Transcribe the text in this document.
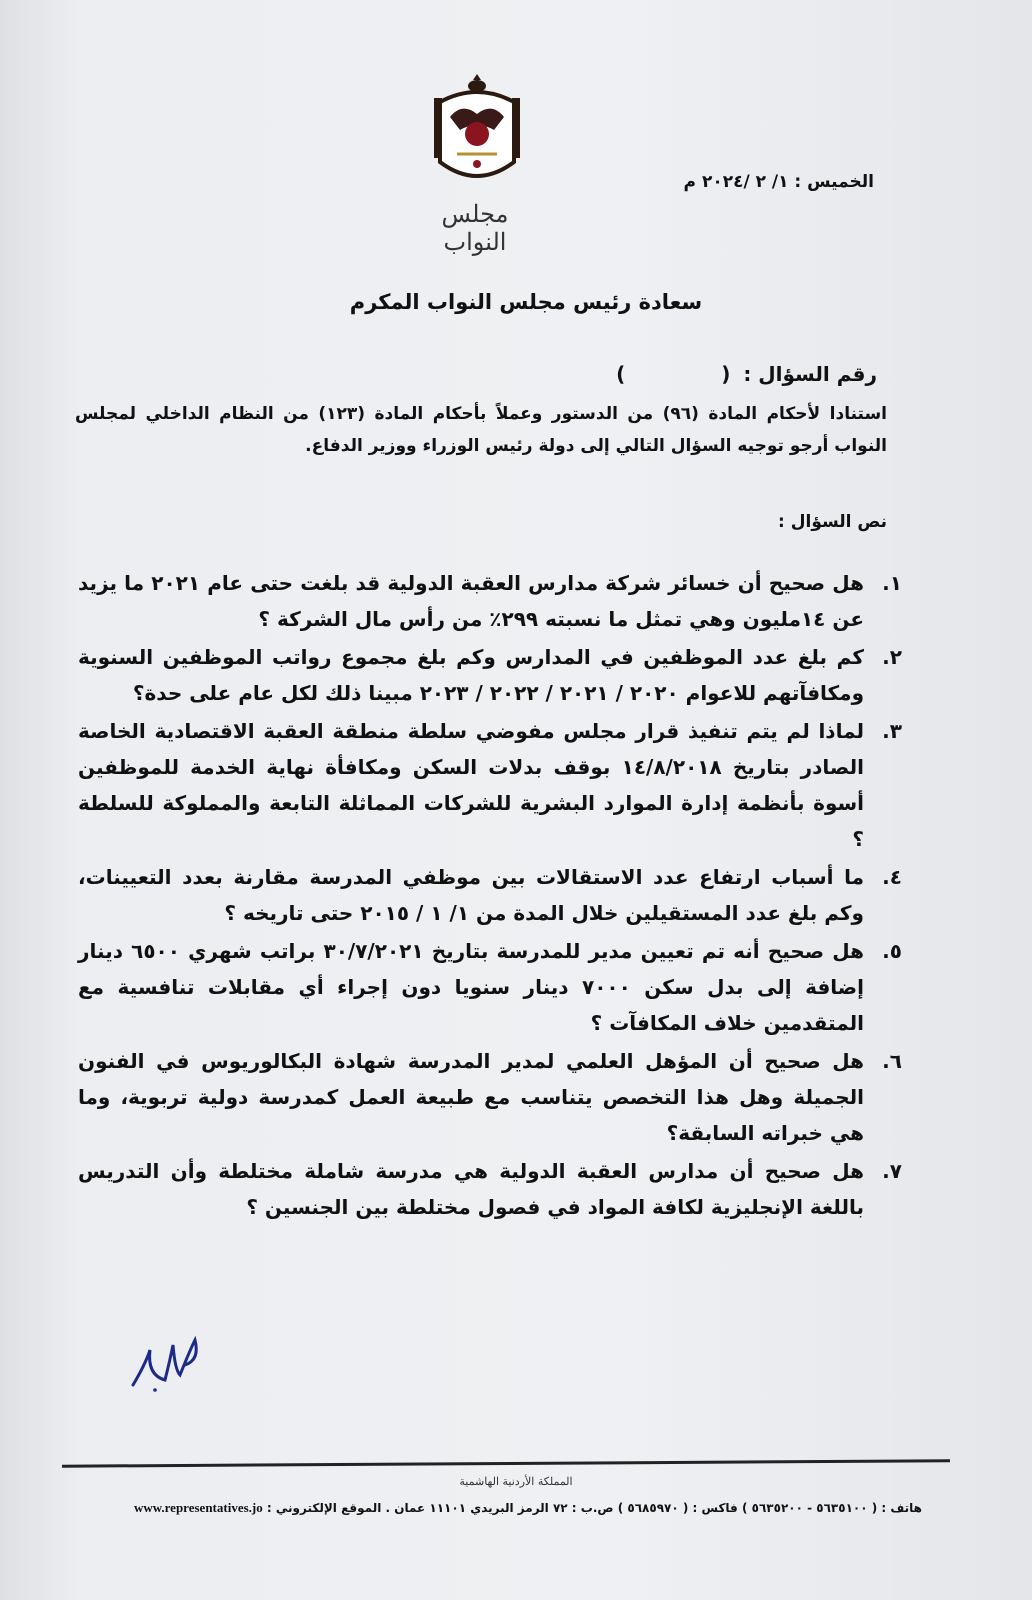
مجلس النواب
الخميس : ١/ ٢ /٢٠٢٤ م
سعادة رئيس مجلس النواب المكرم
رقم السؤال : (  )
استنادا لأحكام المادة (٩٦) من الدستور وعملاً بأحكام المادة (١٢٣) من النظام الداخلي لمجلس النواب أرجو توجيه السؤال التالي إلى دولة رئيس الوزراء ووزير الدفاع.
نص السؤال :
١.
هل صحيح أن خسائر شركة مدارس العقبة الدولية قد بلغت حتى عام ٢٠٢١ ما يزيد عن ١٤مليون وهي تمثل ما نسبته ٢٩٩٪ من رأس مال الشركة ؟
٢.
كم بلغ عدد الموظفين في المدارس وكم بلغ مجموع رواتب الموظفين السنوية ومكافآتهم للاعوام ٢٠٢٠ / ٢٠٢١ / ٢٠٢٢ / ٢٠٢٣ مبينا ذلك لكل عام على حدة؟
٣.
لماذا لم يتم تنفيذ قرار مجلس مفوضي سلطة منطقة العقبة الاقتصادية الخاصة الصادر بتاريخ ١٤/٨/٢٠١٨ بوقف بدلات السكن ومكافأة نهاية الخدمة للموظفين أسوة بأنظمة إدارة الموارد البشرية للشركات المماثلة التابعة والمملوكة للسلطة ؟
٤.
ما أسباب ارتفاع عدد الاستقالات بين موظفي المدرسة مقارنة بعدد التعيينات، وكم بلغ عدد المستقيلين خلال المدة من ١/ ١ / ٢٠١٥ حتى تاريخه ؟
٥.
هل صحيح أنه تم تعيين مدير للمدرسة بتاريخ ٣٠/٧/٢٠٢١ براتب شهري ٦٥٠٠ دينار إضافة إلى بدل سكن ٧٠٠٠ دينار سنويا دون إجراء أي مقابلات تنافسية مع المتقدمين خلاف المكافآت ؟
٦.
هل صحيح أن المؤهل العلمي لمدير المدرسة شهادة البكالوريوس في الفنون الجميلة وهل هذا التخصص يتناسب مع طبيعة العمل كمدرسة دولية تربوية، وما هي خبراته السابقة؟
٧.
هل صحيح أن مدارس العقبة الدولية هي مدرسة شاملة مختلطة وأن التدريس باللغة الإنجليزية لكافة المواد في فصول مختلطة بين الجنسين ؟
المملكة الأردنية الهاشمية
هاتف : ( ٥٦٣٥١٠٠ - ٥٦٣٥٢٠٠ ) فاكس : ( ٥٦٨٥٩٧٠ ) ص.ب : ٧٢ الرمز البريدي ١١١٠١ عمان . الموقع الإلكتروني : www.representatives.jo
